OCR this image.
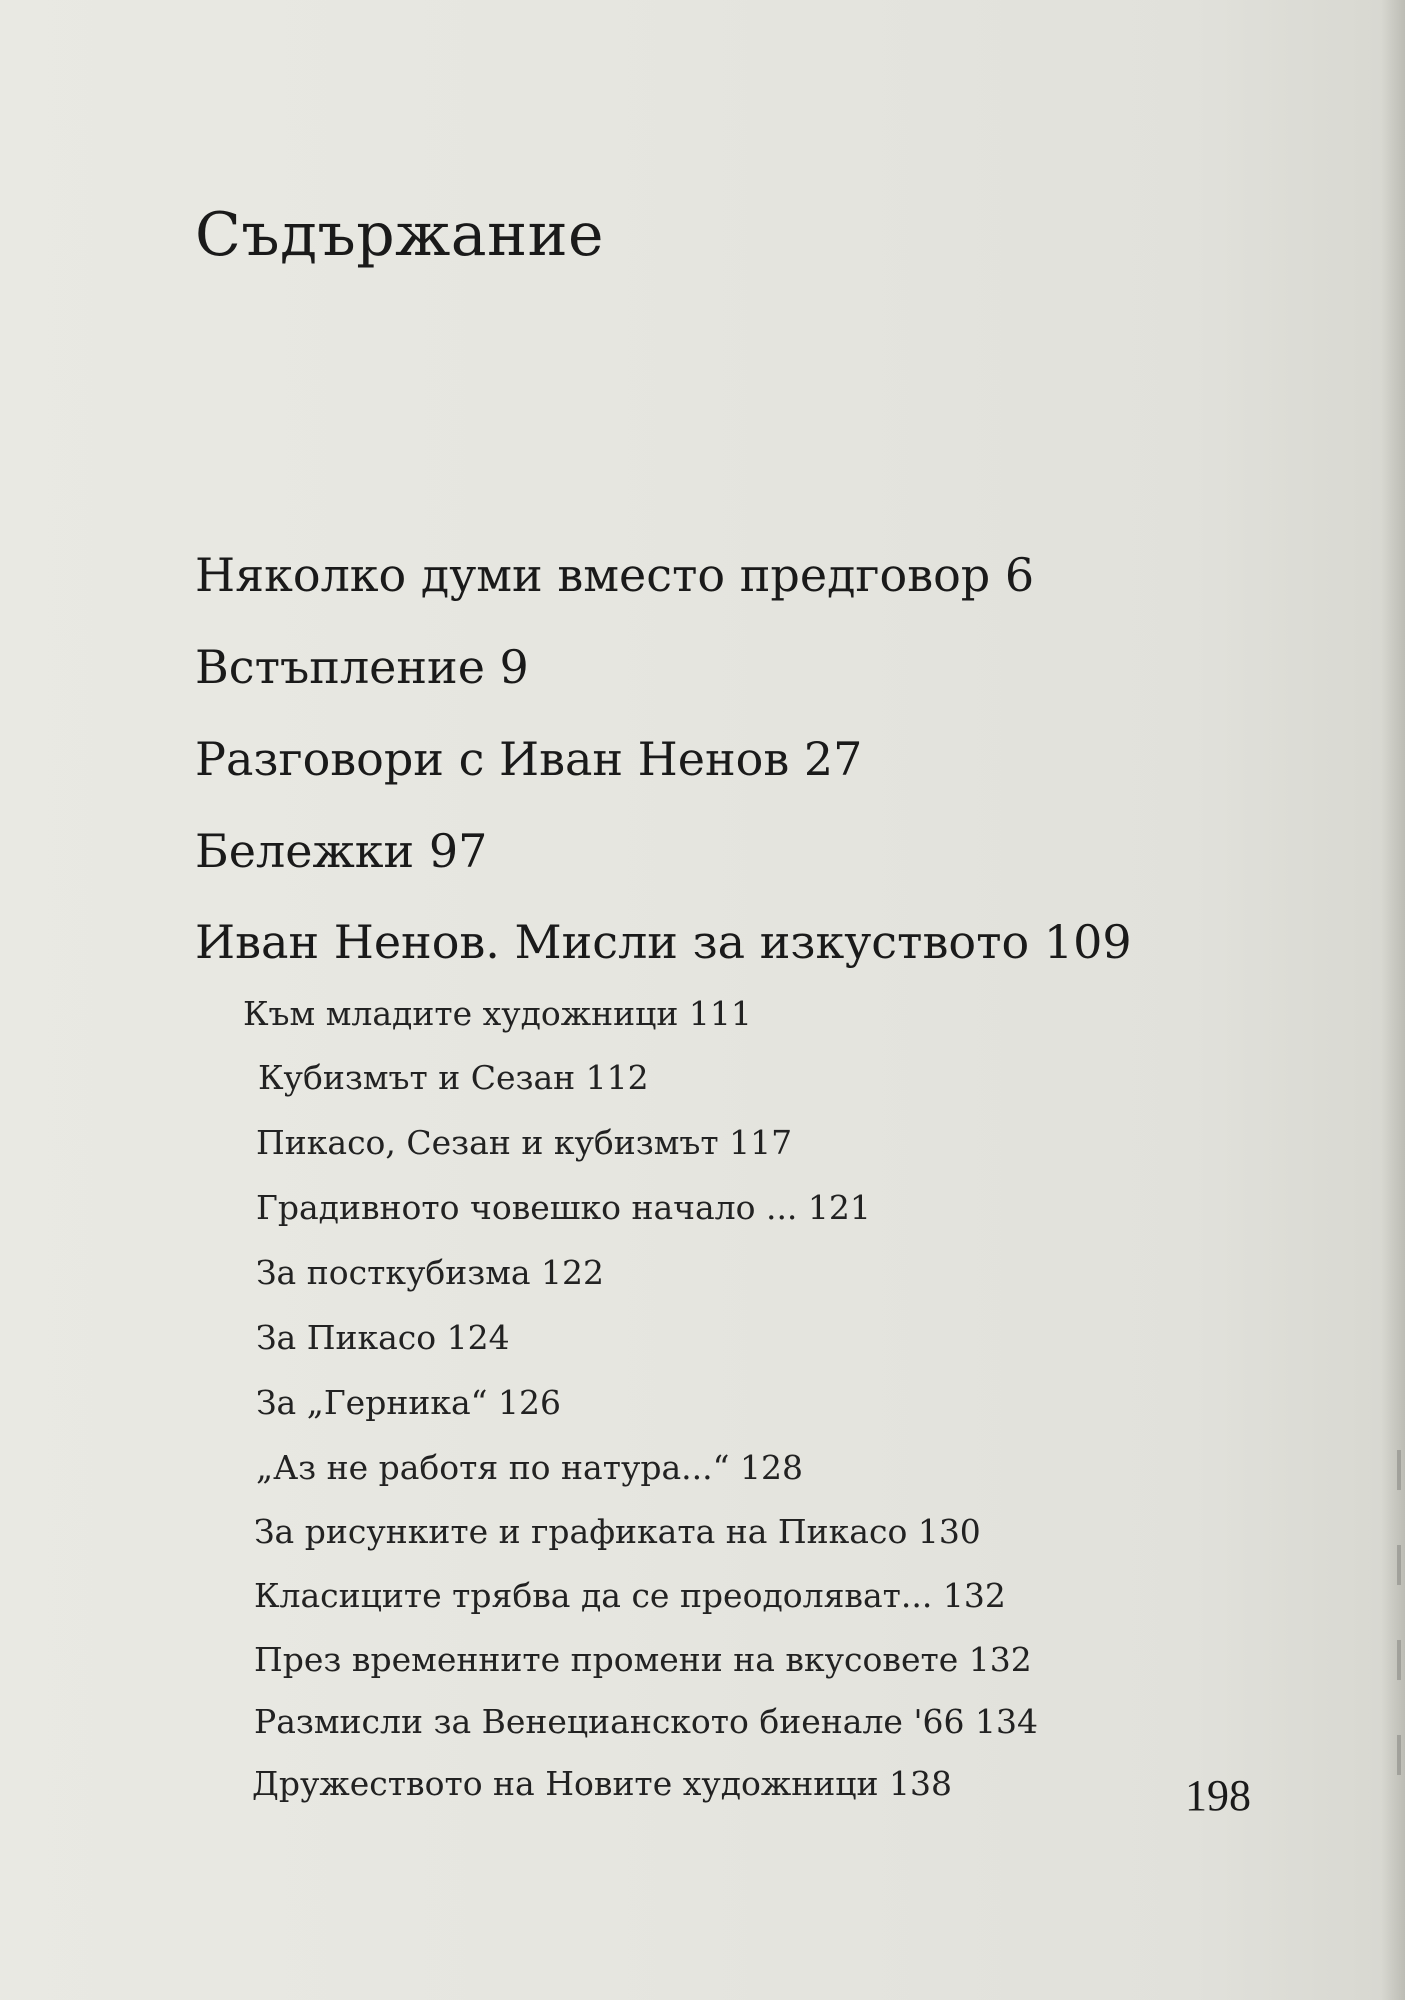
Съдържание
Няколко думи вместо предговор 6
Встъпление 9
Разговори с Иван Ненов 27
Бележки 97
Иван Ненов. Мисли за изкуството 109
Към младите художници 111
Кубизмът и Сезан 112
Пикасо, Сезан и кубизмът 117
Градивното човешко начало ... 121
За посткубизма 122
За Пикасо 124
За „Герника“ 126
„Аз не работя по натура...“ 128
За рисунките и графиката на Пикасо 130
Класиците трябва да се преодоляват... 132
През временните промени на вкусовете 132
Размисли за Венецианското биенале '66 134
Дружеството на Новите художници 138	198
